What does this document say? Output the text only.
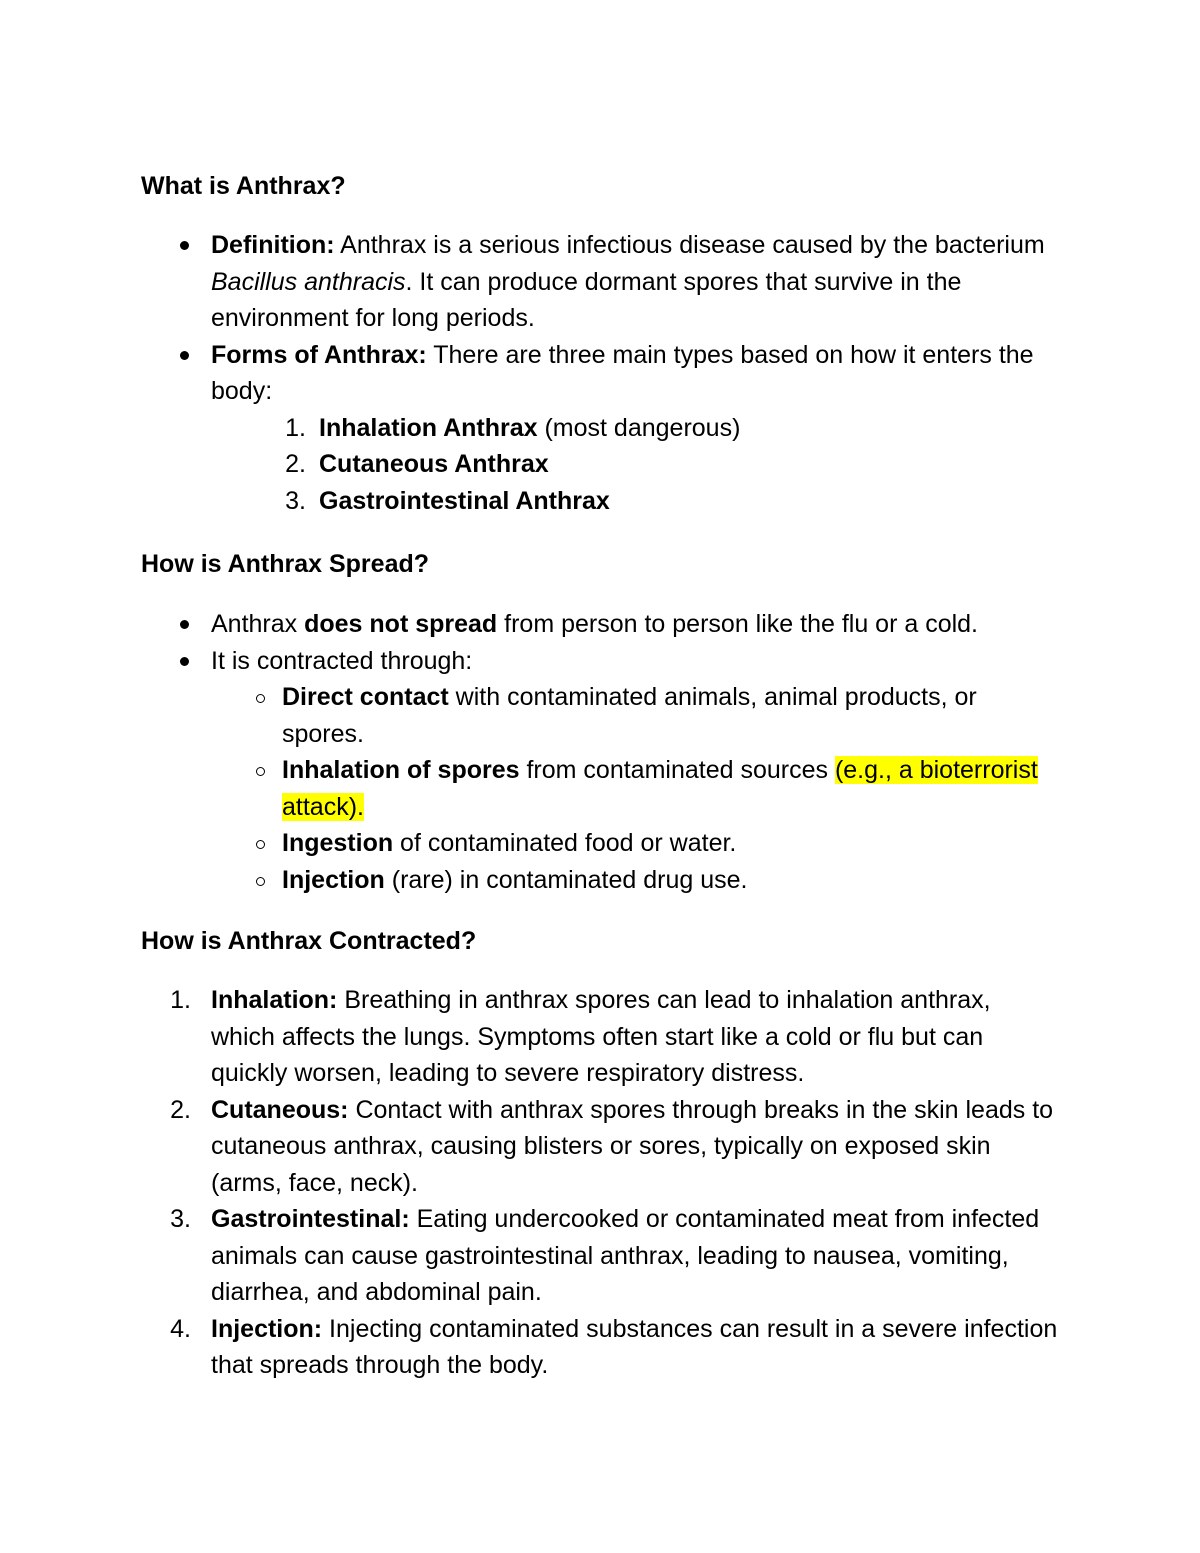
What is Anthrax?
Definition: Anthrax is a serious infectious disease caused by the bacterium Bacillus anthracis. It can produce dormant spores that survive in the environment for long periods.
Forms of Anthrax: There are three main types based on how it enters the body:
1. Inhalation Anthrax (most dangerous)
2. Cutaneous Anthrax
3. Gastrointestinal Anthrax
How is Anthrax Spread?
Anthrax does not spread from person to person like the flu or a cold.
It is contracted through:
Direct contact with contaminated animals, animal products, or spores.
Inhalation of spores from contaminated sources (e.g., a bioterrorist attack).
Ingestion of contaminated food or water.
Injection (rare) in contaminated drug use.
How is Anthrax Contracted?
1. Inhalation: Breathing in anthrax spores can lead to inhalation anthrax, which affects the lungs. Symptoms often start like a cold or flu but can quickly worsen, leading to severe respiratory distress.
2. Cutaneous: Contact with anthrax spores through breaks in the skin leads to cutaneous anthrax, causing blisters or sores, typically on exposed skin (arms, face, neck).
3. Gastrointestinal: Eating undercooked or contaminated meat from infected animals can cause gastrointestinal anthrax, leading to nausea, vomiting, diarrhea, and abdominal pain.
4. Injection: Injecting contaminated substances can result in a severe infection that spreads through the body.
